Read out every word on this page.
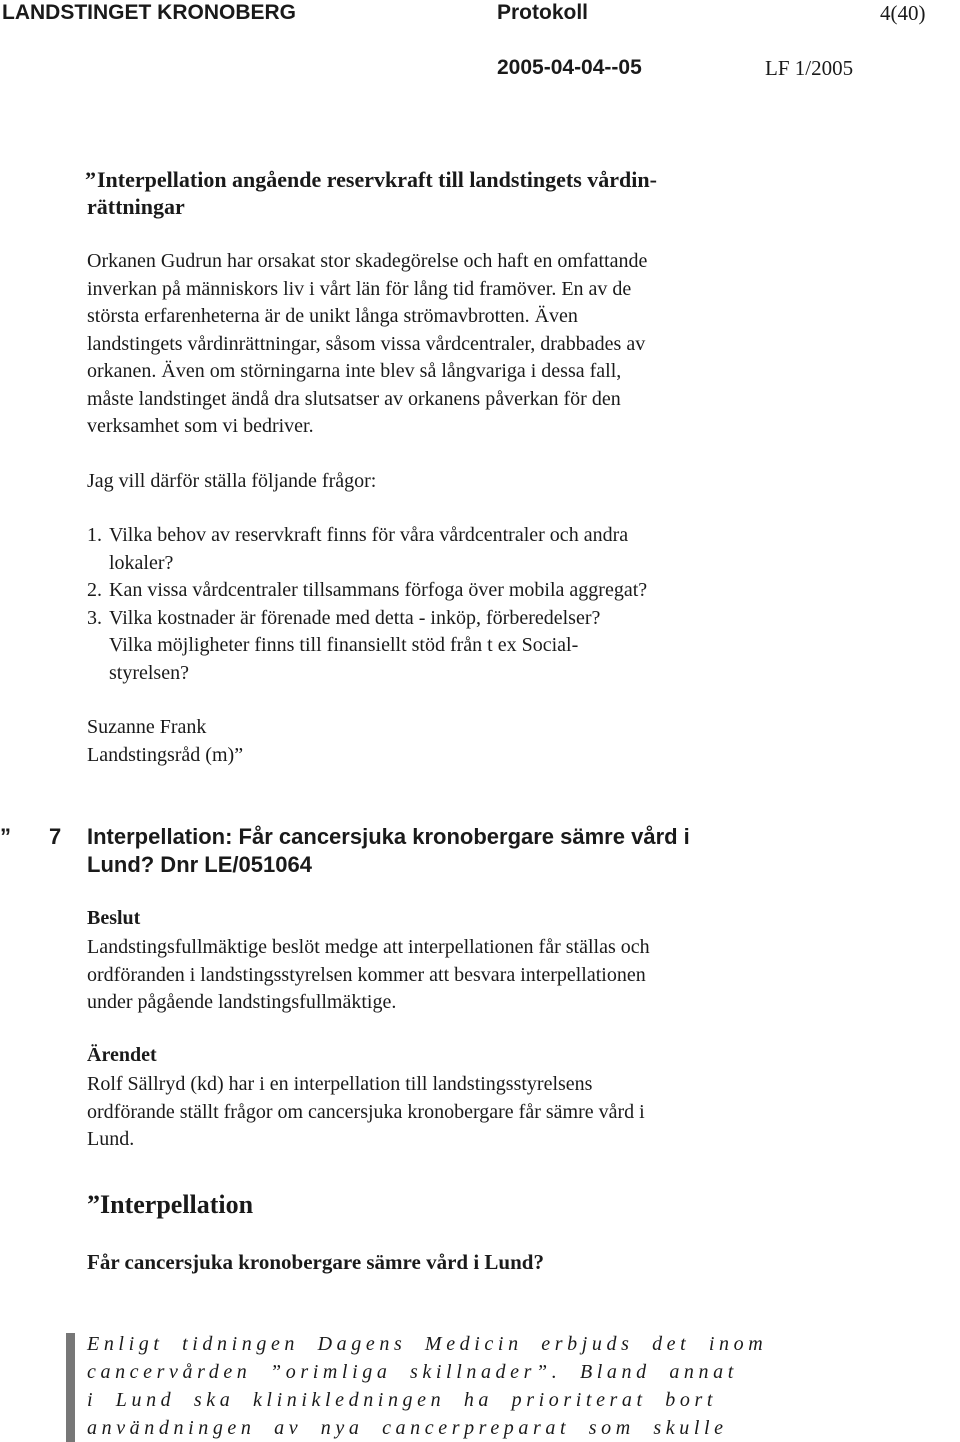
LANDSTINGET KRONOBERG	Protokoll	4(40)
2005-04-04--05	LF 1/2005
Interpellation angående reservkraft till landstingets vårdin-
rättningar
”
Orkanen Gudrun har orsakat stor skadegörelse och haft en omfattande
inverkan på människors liv i vårt län för lång tid framöver. En av de
största erfarenheterna är de unikt långa strömavbrotten. Även
landstingets vårdinrättningar, såsom vissa vårdcentraler, drabbades av
orkanen. Även om störningarna inte blev så långvariga i dessa fall,
måste landstinget ändå dra slutsatser av orkanens påverkan för den
verksamhet som vi bedriver.
Jag vill därför ställa följande frågor:
1. Vilka behov av reservkraft finns för våra vårdcentraler och andra
lokaler?
2. Kan vissa vårdcentraler tillsammans förfoga över mobila aggregat?
3. Vilka kostnader är förenade med detta - inköp, förberedelser?
Vilka möjligheter finns till finansiellt stöd från t ex Social-
styrelsen?
Suzanne Frank
Landstingsråd (m)”
” 7 Interpellation: Får cancersjuka kronobergare sämre vård i
Lund? Dnr LE/051064
Beslut
Landstingsfullmäktige beslöt medge att interpellationen får ställas och
ordföranden i landstingsstyrelsen kommer att besvara interpellationen
under pågående landstingsfullmäktige.
Ärendet
Rolf Sällryd (kd) har i en interpellation till landstingsstyrelsens
ordförande ställt frågor om cancersjuka kronobergare får sämre vård i
Lund.
”Interpellation
Får cancersjuka kronobergare sämre vård i Lund?
Enligt tidningen Dagens Medicin erbjuds det inom
cancervården ”orimliga skillnader”. Bland annat
i Lund ska klinikledningen ha prioriterat bort
användningen av nya cancerpreparat som skulle
